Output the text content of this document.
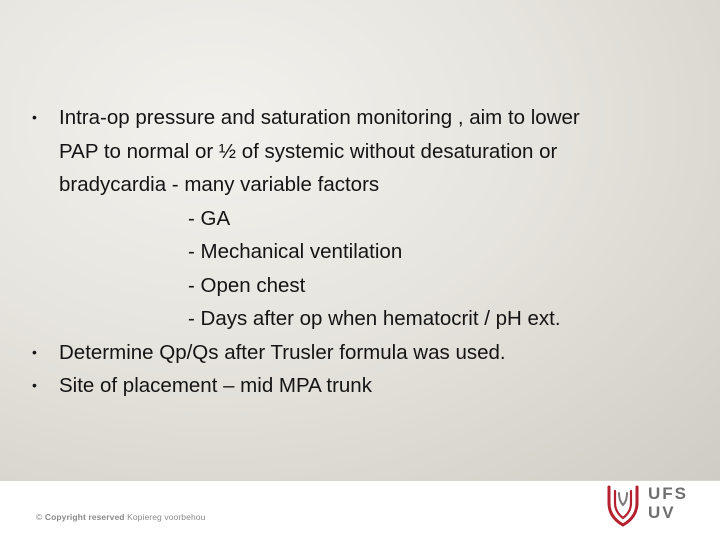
•	Intra-op pressure and saturation monitoring , aim to lower
PAP to normal or ½ of systemic without desaturation or
bradycardia - many variable factors
- GA
- Mechanical ventilation
- Open chest
- Days after op when hematocrit / pH ext.
•	Determine Qp/Qs after Trusler formula was used.
•	Site of placement – mid MPA trunk
© Copyright reserved Kopiereg voorbehou
UFS
UV
